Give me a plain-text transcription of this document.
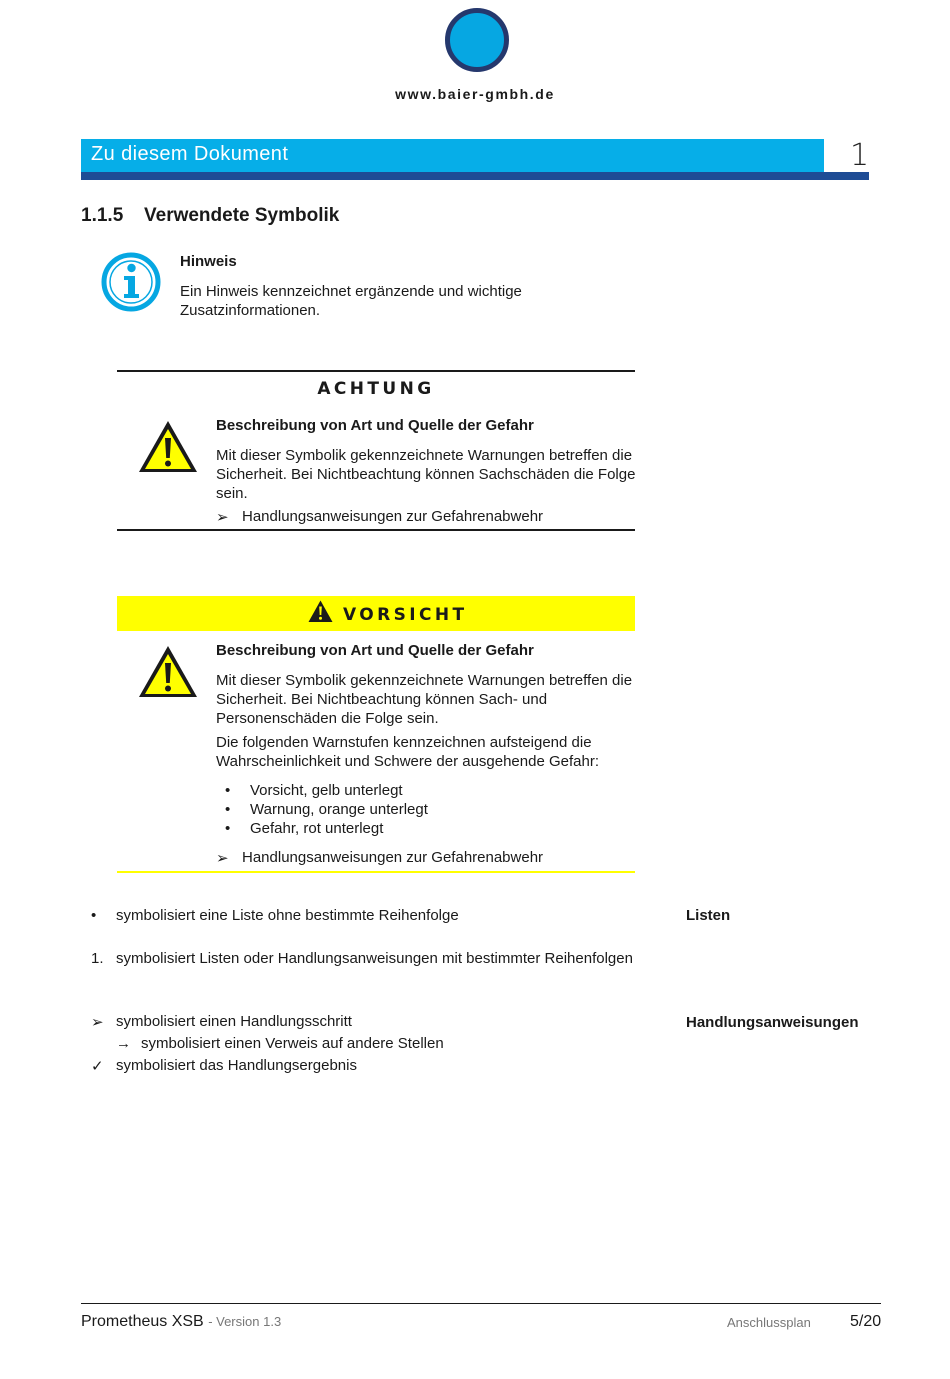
www.baier-gmbh.de
Zu diesem Dokument	1
1.1.5 Verwendete Symbolik
Hinweis
Ein Hinweis kennzeichnet ergänzende und wichtige Zusatzinformationen.
ACHTUNG
Beschreibung von Art und Quelle der Gefahr
Mit dieser Symbolik gekennzeichnete Warnungen betreffen die Sicherheit. Bei Nichtbeachtung können Sachschäden die Folge sein.
➢ Handlungsanweisungen zur Gefahrenabwehr
VORSICHT
Beschreibung von Art und Quelle der Gefahr
Mit dieser Symbolik gekennzeichnete Warnungen betreffen die Sicherheit. Bei Nichtbeachtung können Sach- und Personenschäden die Folge sein.
Die folgenden Warnstufen kennzeichnen aufsteigend die Wahrscheinlichkeit und Schwere der ausgehende Gefahr:
•	Vorsicht, gelb unterlegt
•	Warnung, orange unterlegt
•	Gefahr, rot unterlegt
➢ Handlungsanweisungen zur Gefahrenabwehr
•	symbolisiert eine Liste ohne bestimmte Reihenfolge	Listen
1. symbolisiert Listen oder Handlungsanweisungen mit bestimmter Reihenfolgen
➢ symbolisiert einen Handlungsschritt	Handlungsanweisungen
→ symbolisiert einen Verweis auf andere Stellen
✓ symbolisiert das Handlungsergebnis
Prometheus XSB - Version 1.3	Anschlussplan 5/20
